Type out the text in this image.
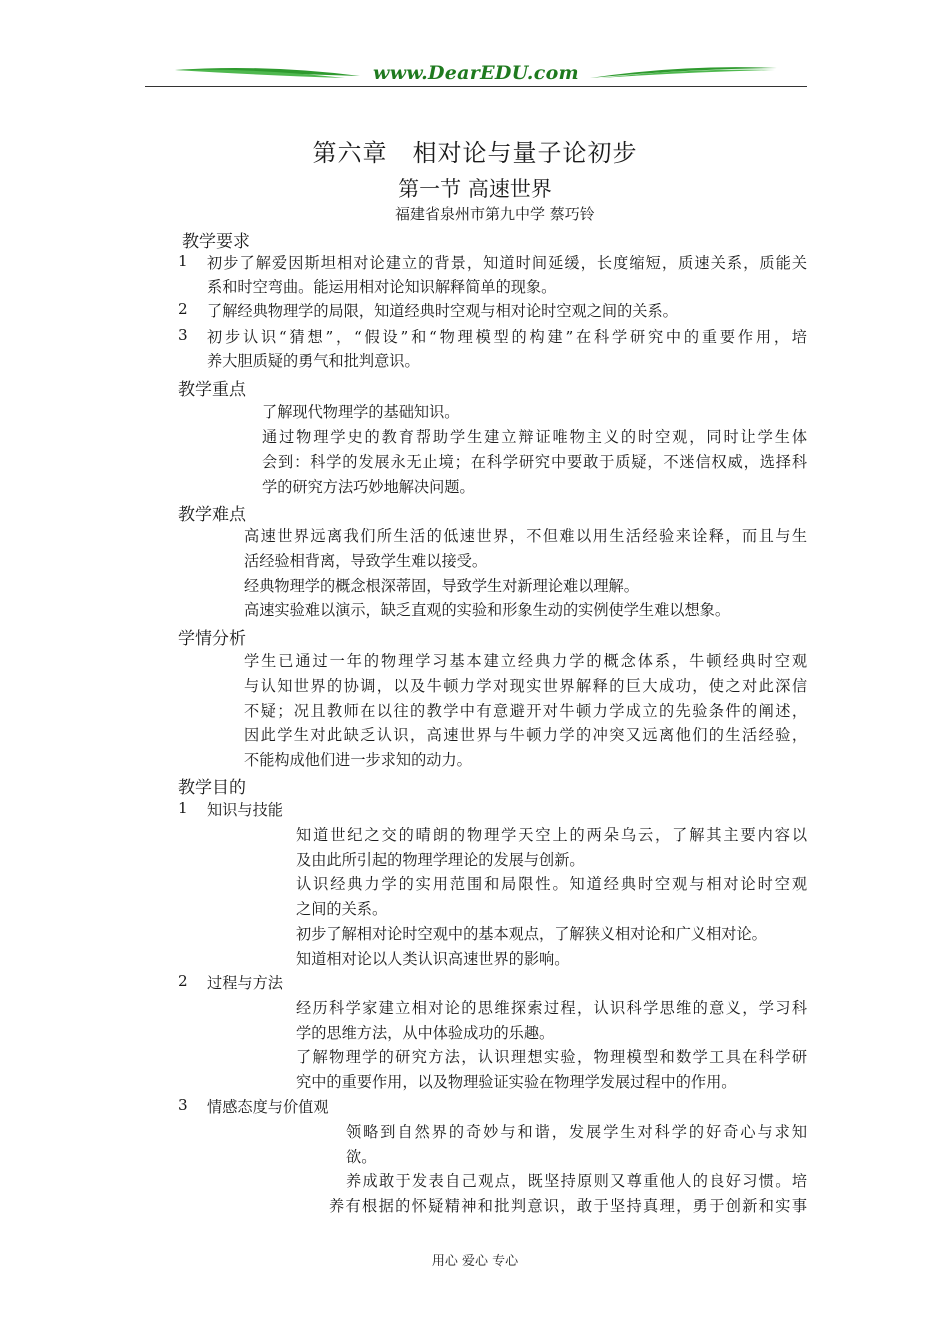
www.DearEDU.com
第六章　相对论与量子论初步
第一节 高速世界
福建省泉州市第九中学 蔡巧铃
教学要求
1 初步了解爱因斯坦相对论建立的背景，知道时间延缓，长度缩短，质速关系，质能关
系和时空弯曲。能运用相对论知识解释简单的现象。
2 了解经典物理学的局限，知道经典时空观与相对论时空观之间的关系。
3 初步认识“猜想”，“假设”和“物理模型的构建”在科学研究中的重要作用，培
养大胆质疑的勇气和批判意识。
教学重点
了解现代物理学的基础知识。
通过物理学史的教育帮助学生建立辩证唯物主义的时空观，同时让学生体
会到：科学的发展永无止境；在科学研究中要敢于质疑，不迷信权威，选择科
学的研究方法巧妙地解决问题。
教学难点
高速世界远离我们所生活的低速世界，不但难以用生活经验来诠释，而且与生
活经验相背离，导致学生难以接受。
经典物理学的概念根深蒂固，导致学生对新理论难以理解。
高速实验难以演示，缺乏直观的实验和形象生动的实例使学生难以想象。
学情分析
学生已通过一年的物理学习基本建立经典力学的概念体系，牛顿经典时空观
与认知世界的协调，以及牛顿力学对现实世界解释的巨大成功，使之对此深信
不疑；况且教师在以往的教学中有意避开对牛顿力学成立的先验条件的阐述，
因此学生对此缺乏认识，高速世界与牛顿力学的冲突又远离他们的生活经验，
不能构成他们进一步求知的动力。
教学目的
1 知识与技能
知道世纪之交的晴朗的物理学天空上的两朵乌云，了解其主要内容以
及由此所引起的物理学理论的发展与创新。
认识经典力学的实用范围和局限性。知道经典时空观与相对论时空观
之间的关系。
初步了解相对论时空观中的基本观点，了解狭义相对论和广义相对论。
知道相对论以人类认识高速世界的影响。
2 过程与方法
经历科学家建立相对论的思维探索过程，认识科学思维的意义，学习科
学的思维方法，从中体验成功的乐趣。
了解物理学的研究方法，认识理想实验，物理模型和数学工具在科学研
究中的重要作用，以及物理验证实验在物理学发展过程中的作用。
3 情感态度与价值观
领略到自然界的奇妙与和谐，发展学生对科学的好奇心与求知
欲。
养成敢于发表自己观点，既坚持原则又尊重他人的良好习惯。培
养有根据的怀疑精神和批判意识，敢于坚持真理，勇于创新和实事
用心 爱心 专心
